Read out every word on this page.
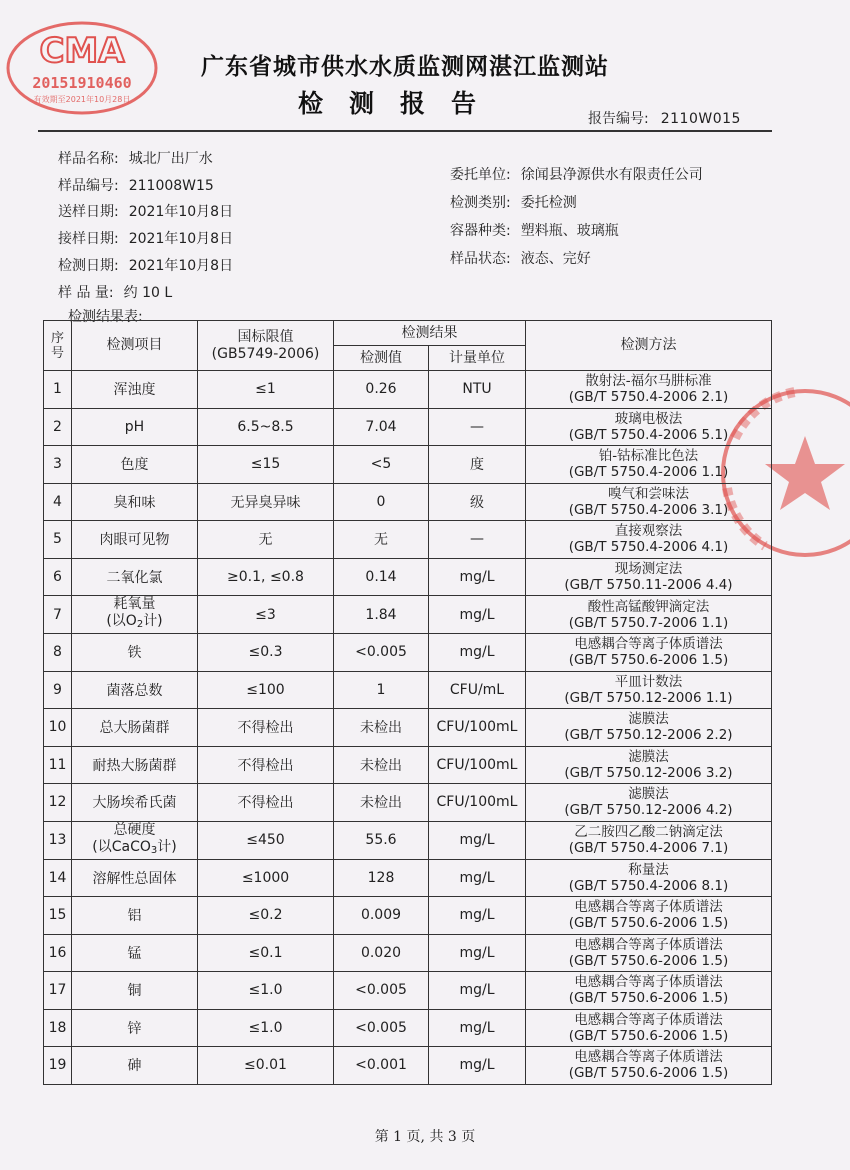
CMA
20151910460
有效期至2021年10月28日
广东省城市供水水质监测网湛江监测站
检测报告
报告编号: 2110W015
样品名称: 城北厂出厂水
样品编号: 211008W15
送样日期: 2021年10月8日
接样日期: 2021年10月8日
检测日期: 2021年10月8日
样 品 量: 约 10 L
委托单位: 徐闻县净源供水有限责任公司
检测类别: 委托检测
容器种类: 塑料瓶、玻璃瓶
样品状态: 液态、完好
检测结果表:
序号	检测项目	国标限值
(GB5749-2006)	检测结果		检测方法
			检测值	计量单位	
1	浑浊度	≤1	0.26	NTU	散射法-福尔马肼标准
(GB/T 5750.4-2006 2.1)

2	pH	6.5~8.5	7.04	—	玻璃电极法
(GB/T 5750.4-2006 5.1)

3	色度	≤15	<5	度	铂-钴标准比色法
(GB/T 5750.4-2006 1.1)

4	臭和味	无异臭异味	0	级	嗅气和尝味法
(GB/T 5750.4-2006 3.1)

5	肉眼可见物	无	无	—	直接观察法
(GB/T 5750.4-2006 4.1)

6	二氧化氯	≥0.1, ≤0.8	0.14	mg/L	现场测定法
(GB/T 5750.11-2006 4.4)

7	耗氧量
(以$O_2$计)	≤3	1.84	mg/L	酸性高锰酸钾滴定法
(GB/T 5750.7-2006 1.1)

8	铁	≤0.3	<0.005	mg/L	电感耦合等离子体质谱法
(GB/T 5750.6-2006 1.5)

9	菌落总数	≤100	1	CFU/mL	平皿计数法
(GB/T 5750.12-2006 1.1)

10	总大肠菌群	不得检出	未检出	CFU/100mL	滤膜法
(GB/T 5750.12-2006 2.2)

11	耐热大肠菌群	不得检出	未检出	CFU/100mL	滤膜法
(GB/T 5750.12-2006 3.2)

12	大肠埃希氏菌	不得检出	未检出	CFU/100mL	滤膜法
(GB/T 5750.12-2006 4.2)

13	总硬度
(以CaCO$_3$计)	≤450	55.6	mg/L	乙二胺四乙酸二钠滴定法
(GB/T 5750.4-2006 7.1)

14	溶解性总固体	≤1000	128	mg/L	称量法
(GB/T 5750.4-2006 8.1)

15	铝	≤0.2	0.009	mg/L	电感耦合等离子体质谱法
(GB/T 5750.6-2006 1.5)

16	锰	≤0.1	0.020	mg/L	电感耦合等离子体质谱法
(GB/T 5750.6-2006 1.5)

17	铜	≤1.0	<0.005	mg/L	电感耦合等离子体质谱法
(GB/T 5750.6-2006 1.5)

18	锌	≤1.0	<0.005	mg/L	电感耦合等离子体质谱法
(GB/T 5750.6-2006 1.5)

19	砷	≤0.01	<0.001	mg/L	电感耦合等离子体质谱法
(GB/T 5750.6-2006 1.5)
第 1 页, 共 3 页
